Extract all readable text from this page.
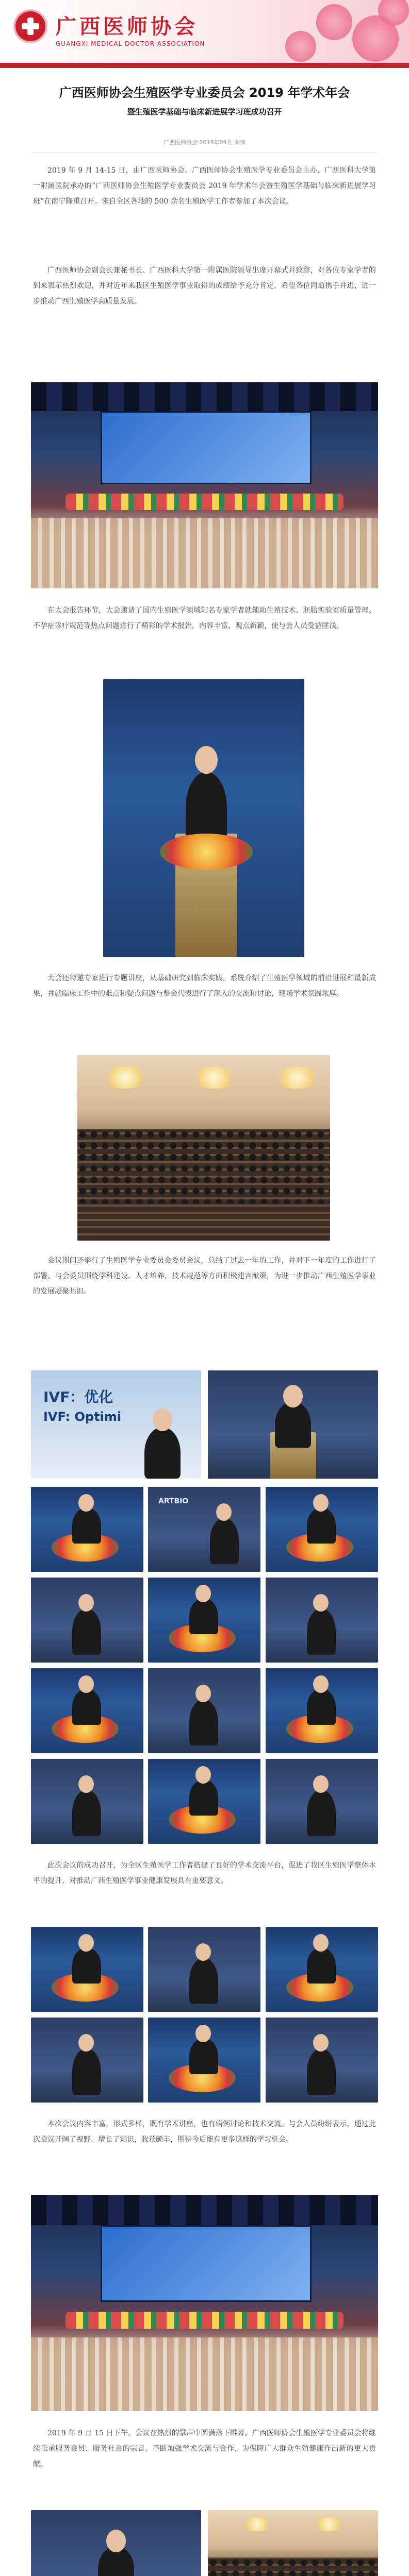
广西医师协会
GUANGXI MEDICAL DOCTOR ASSOCIATION
广西医师协会生殖医学专业委员会 2019 年学术年会
暨生殖医学基础与临床新进展学习班成功召开
广西医师协会 2019年09月 阅读

2019 年 9 月 14-15 日，由广西医师协会、广西医师协会生殖医学专业委员会主办，广西医科大学第一附属医院承办的“广西医师协会生殖医学专业委员会 2019 年学术年会暨生殖医学基础与临床新进展学习班”在南宁隆重召开。来自全区各地的 500 余名生殖医学工作者参加了本次会议。

广西医师协会副会长兼秘书长、广西医科大学第一附属医院领导出席开幕式并致辞，对各位专家学者的到来表示热烈欢迎，并对近年来我区生殖医学事业取得的成绩给予充分肯定，希望各位同道携手并进，进一步推动广西生殖医学高质量发展。

在大会报告环节，大会邀请了国内生殖医学领域知名专家学者就辅助生殖技术、胚胎实验室质量管理、不孕症诊疗规范等热点问题进行了精彩的学术报告，内容丰富、观点新颖，使与会人员受益匪浅。

大会还特邀专家进行专题讲座，从基础研究到临床实践，系统介绍了生殖医学领域的前沿进展和最新成果，并就临床工作中的难点和疑点问题与参会代表进行了深入的交流和讨论，现场学术氛围浓厚。

会议期间还举行了生殖医学专业委员会委员会议，总结了过去一年的工作，并对下一年度的工作进行了部署。与会委员围绕学科建设、人才培养、技术规范等方面积极建言献策，为进一步推动广西生殖医学事业的发展凝聚共识。

IVF：优化
IVF: Optimi
ARTBIO

此次会议的成功召开，为全区生殖医学工作者搭建了良好的学术交流平台，促进了我区生殖医学整体水平的提升，对推动广西生殖医学事业健康发展具有重要意义。

本次会议内容丰富，形式多样，既有学术讲座，也有病例讨论和技术交流。与会人员纷纷表示，通过此次会议开阔了视野，增长了知识，收获颇丰，期待今后能有更多这样的学习机会。

2019 年 9 月 15 日下午，会议在热烈的掌声中圆满落下帷幕。广西医师协会生殖医学专业委员会将继续秉承服务会员、服务社会的宗旨，不断加强学术交流与合作，为保障广大群众生殖健康作出新的更大贡献。
